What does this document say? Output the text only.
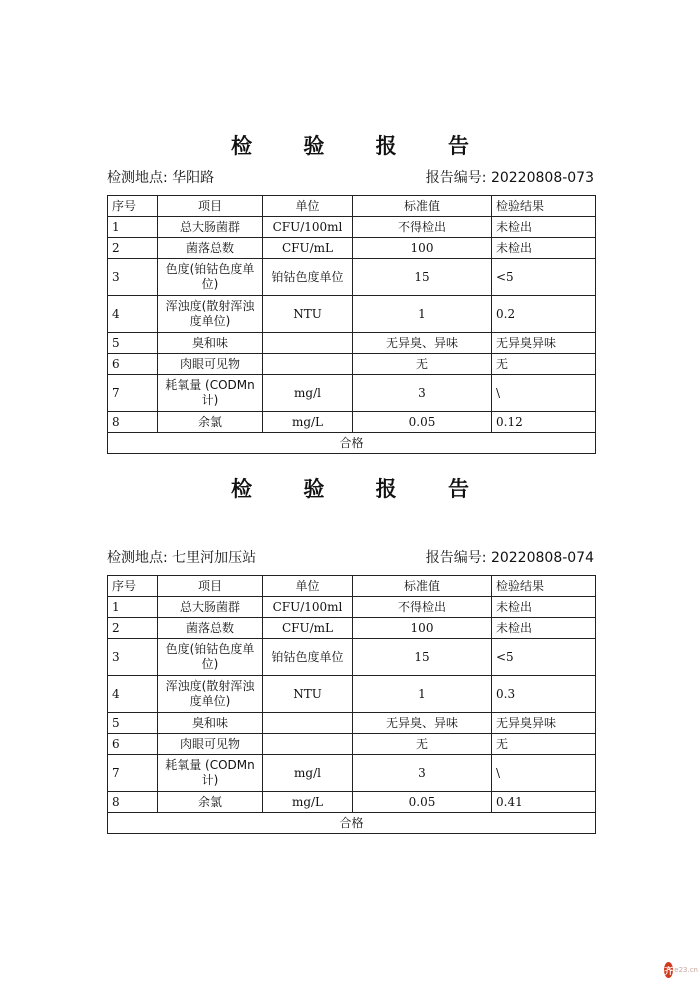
检 验 报 告
检测地点: 华阳路	报告编号: 20220808-073
序号	项目	单位	标准值	检验结果
1	总大肠菌群	CFU/100ml	不得检出	未检出
2	菌落总数	CFU/mL	100	未检出
3	色度(铂钴色度单位)	铂钴色度单位	15	<5
4	浑浊度(散射浑浊度单位)	NTU	1	0.2
5	臭和味		无异臭、异味	无异臭异味
6	肉眼可见物		无	无
7	耗氧量 (CODMn计)	mg/l	3	\
8	余氯	mg/L	0.05	0.12
合格				
检 验 报 告
检测地点: 七里河加压站	报告编号: 20220808-074
序号	项目	单位	标准值	检验结果
1	总大肠菌群	CFU/100ml	不得检出	未检出
2	菌落总数	CFU/mL	100	未检出
3	色度(铂钴色度单位)	铂钴色度单位	15	<5
4	浑浊度(散射浑浊度单位)	NTU	1	0.3
5	臭和味		无异臭、异味	无异臭异味
6	肉眼可见物		无	无
7	耗氧量 (CODMn计)	mg/l	3	\
8	余氯	mg/L	0.05	0.41
合格				
齐 e23.cn
